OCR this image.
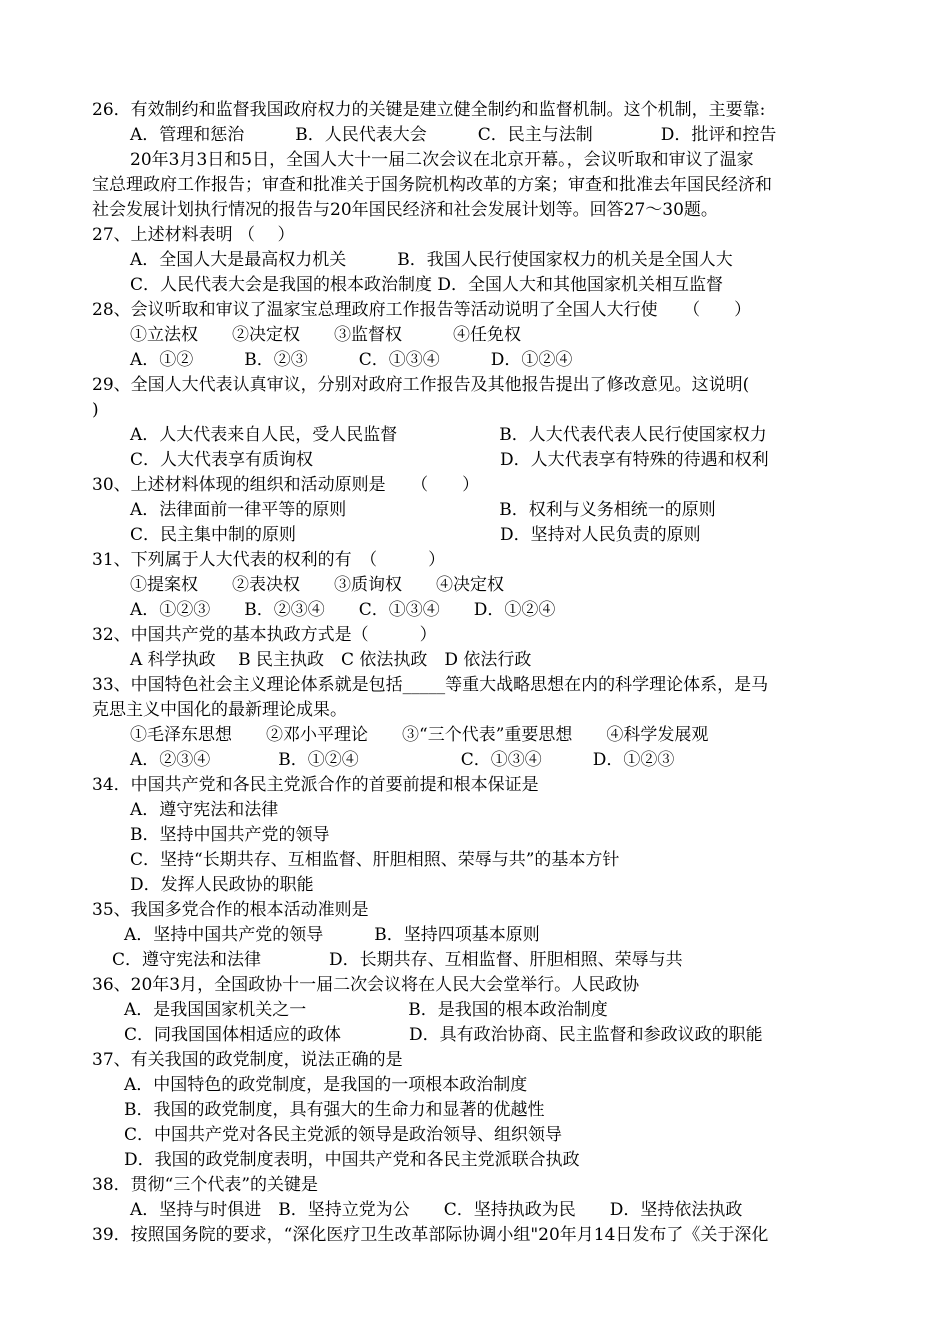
26．有效制约和监督我国政府权力的关键是建立健全制约和监督机制。这个机制，主要靠:
A．管理和惩治　　　B．人民代表大会　　　C．民主与法制　　　　D．批评和控告
20年3月3日和5日，全国人大十一届二次会议在北京开幕。，会议听取和审议了温家
宝总理政府工作报告；审查和批准关于国务院机构改革的方案；审查和批准去年国民经济和
社会发展计划执行情况的报告与20年国民经济和社会发展计划等。回答27～30题。
27、上述材料表明 （　 ）
A．全国人大是最高权力机关　　　B．我国人民行使国家权力的机关是全国人大
C．人民代表大会是我国的根本政治制度 D．全国人大和其他国家机关相互监督
28、会议听取和审议了温家宝总理政府工作报告等活动说明了全国人大行使　　（　　）
①立法权　　②决定权　　③监督权　　　④任免权
A．①②　　　B．②③　　　C．①③④　　　D．①②④
29、全国人大代表认真审议，分别对政府工作报告及其他报告提出了修改意见。这说明(
)
A．人大代表来自人民，受人民监督　　　　　　B．人大代表代表人民行使国家权力
C．人大代表享有质询权　　　　　　　　　　　D．人大代表享有特殊的待遇和权利
30、上述材料体现的组织和活动原则是　　（　　）
A．法律面前一律平等的原则　　　　　　　　　B．权利与义务相统一的原则
C．民主集中制的原则　　　　　　　　　　　　D．坚持对人民负责的原则
31、下列属于人大代表的权利的有　（　　　）
①提案权　　②表决权　　③质询权　　④决定权
A．①②③　　B．②③④　　C．①③④　　D．①②④
32、中国共产党的基本执政方式是（　　　）
A 科学执政　 B 民主执政　C 依法执政　D 依法行政
33、中国特色社会主义理论体系就是包括_____等重大战略思想在内的科学理论体系，是马
克思主义中国化的最新理论成果。
①毛泽东思想　　②邓小平理论　　③“三个代表”重要思想　　④科学发展观
A．②③④　　　　B．①②④　　　　　　C．①③④　　　D．①②③
34．中国共产党和各民主党派合作的首要前提和根本保证是
A．遵守宪法和法律
B．坚持中国共产党的领导
C．坚持“长期共存、互相监督、肝胆相照、荣辱与共”的基本方针
D．发挥人民政协的职能
35、我国多党合作的根本活动准则是
A．坚持中国共产党的领导　　　B．坚持四项基本原则
C．遵守宪法和法律　　　　D．长期共存、互相监督、肝胆相照、荣辱与共
36、20年3月，全国政协十一届二次会议将在人民大会堂举行。人民政协
A．是我国国家机关之一　　　　　　B．是我国的根本政治制度
C．同我国国体相适应的政体　　　　D．具有政治协商、民主监督和参政议政的职能
37、有关我国的政党制度，说法正确的是
A．中国特色的政党制度，是我国的一项根本政治制度
B．我国的政党制度，具有强大的生命力和显著的优越性
C．中国共产党对各民主党派的领导是政治领导、组织领导
D．我国的政党制度表明，中国共产党和各民主党派联合执政
38．贯彻“三个代表”的关键是
A．坚持与时俱进　B．坚持立党为公　　C．坚持执政为民　　D．坚持依法执政
39．按照国务院的要求，“深化医疗卫生改革部际协调小组"20年月14日发布了《关于深化
